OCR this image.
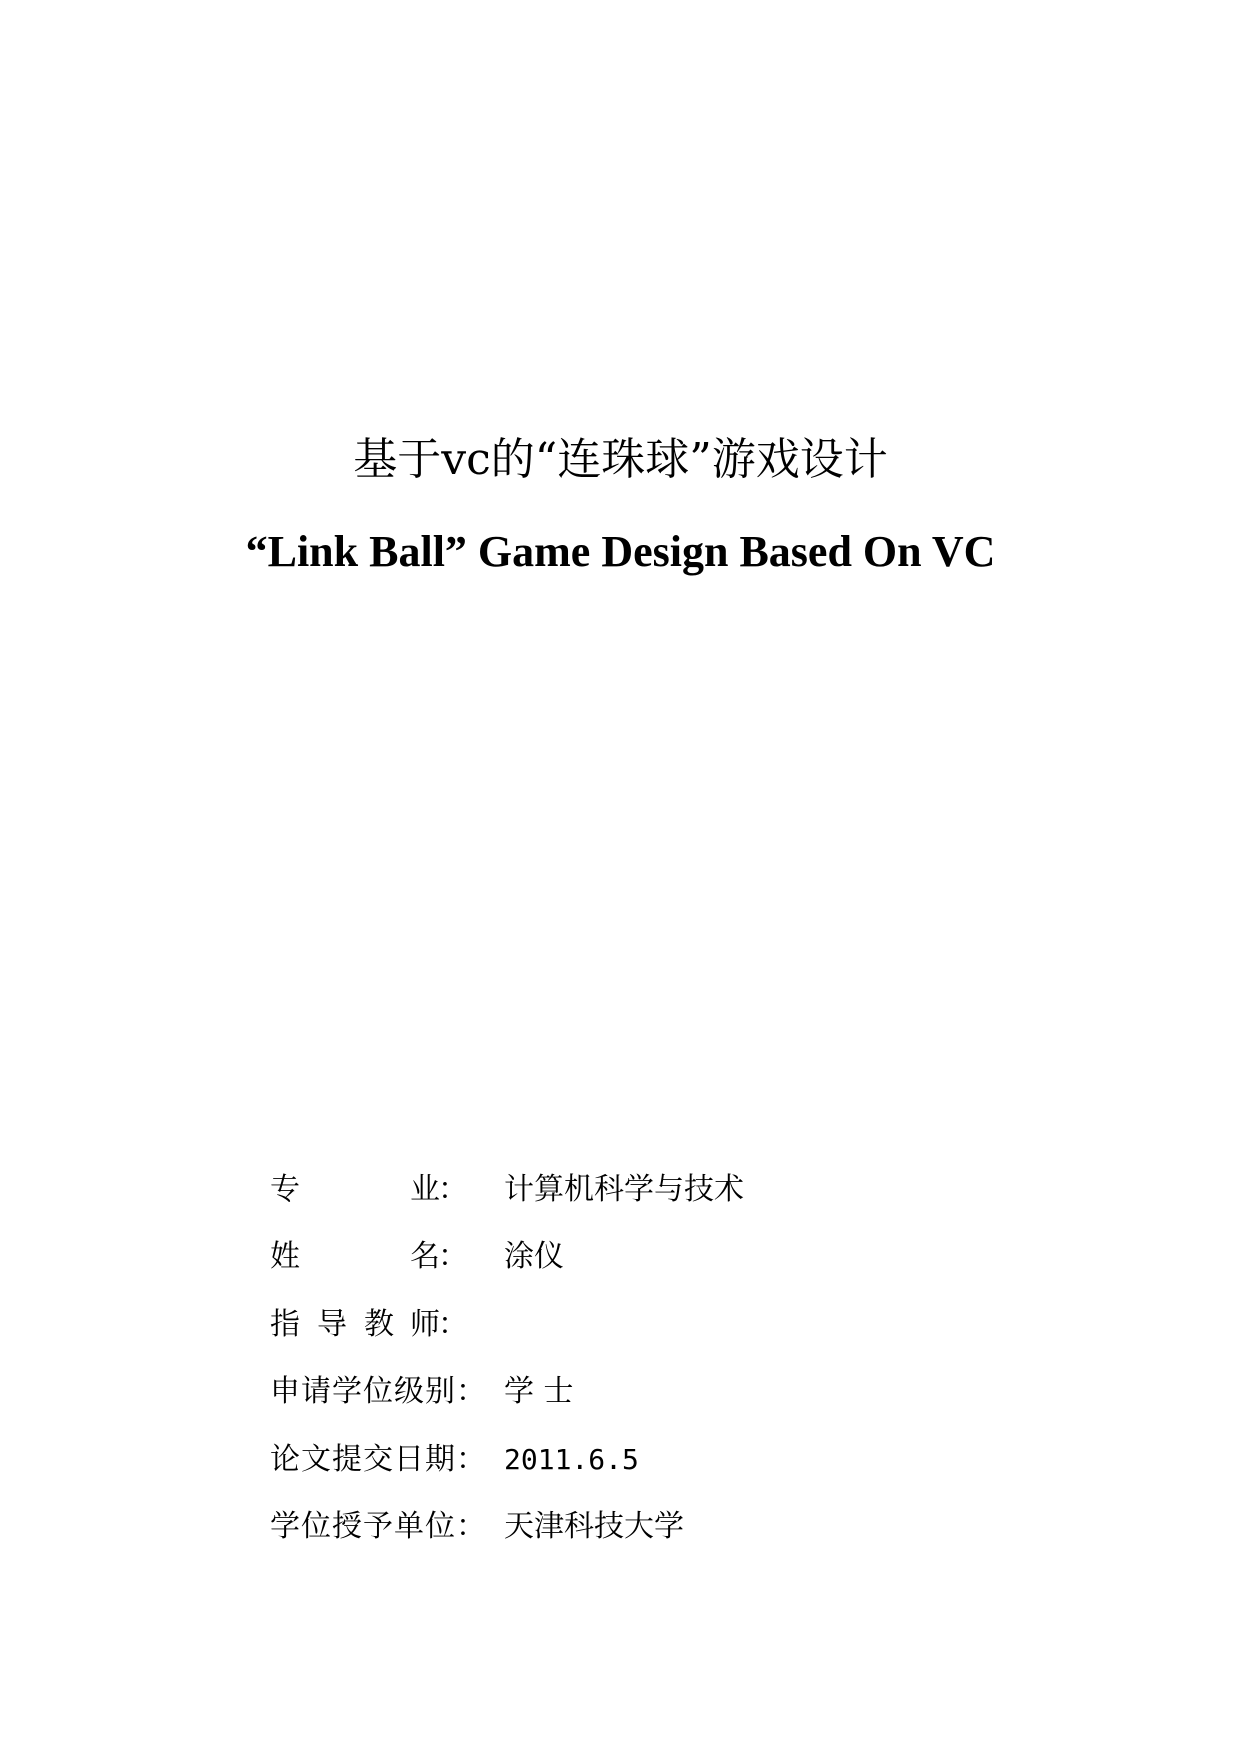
基于vc的“连珠球”游戏设计
“Link Ball” Game Design Based On VC
专	业
： 计算机科学与技术
姓	名
： 涂仪
指 导 教 师
：
申请学位级别： 学 士
论文提交日期： 2011.6.5
学位授予单位： 天津科技大学
